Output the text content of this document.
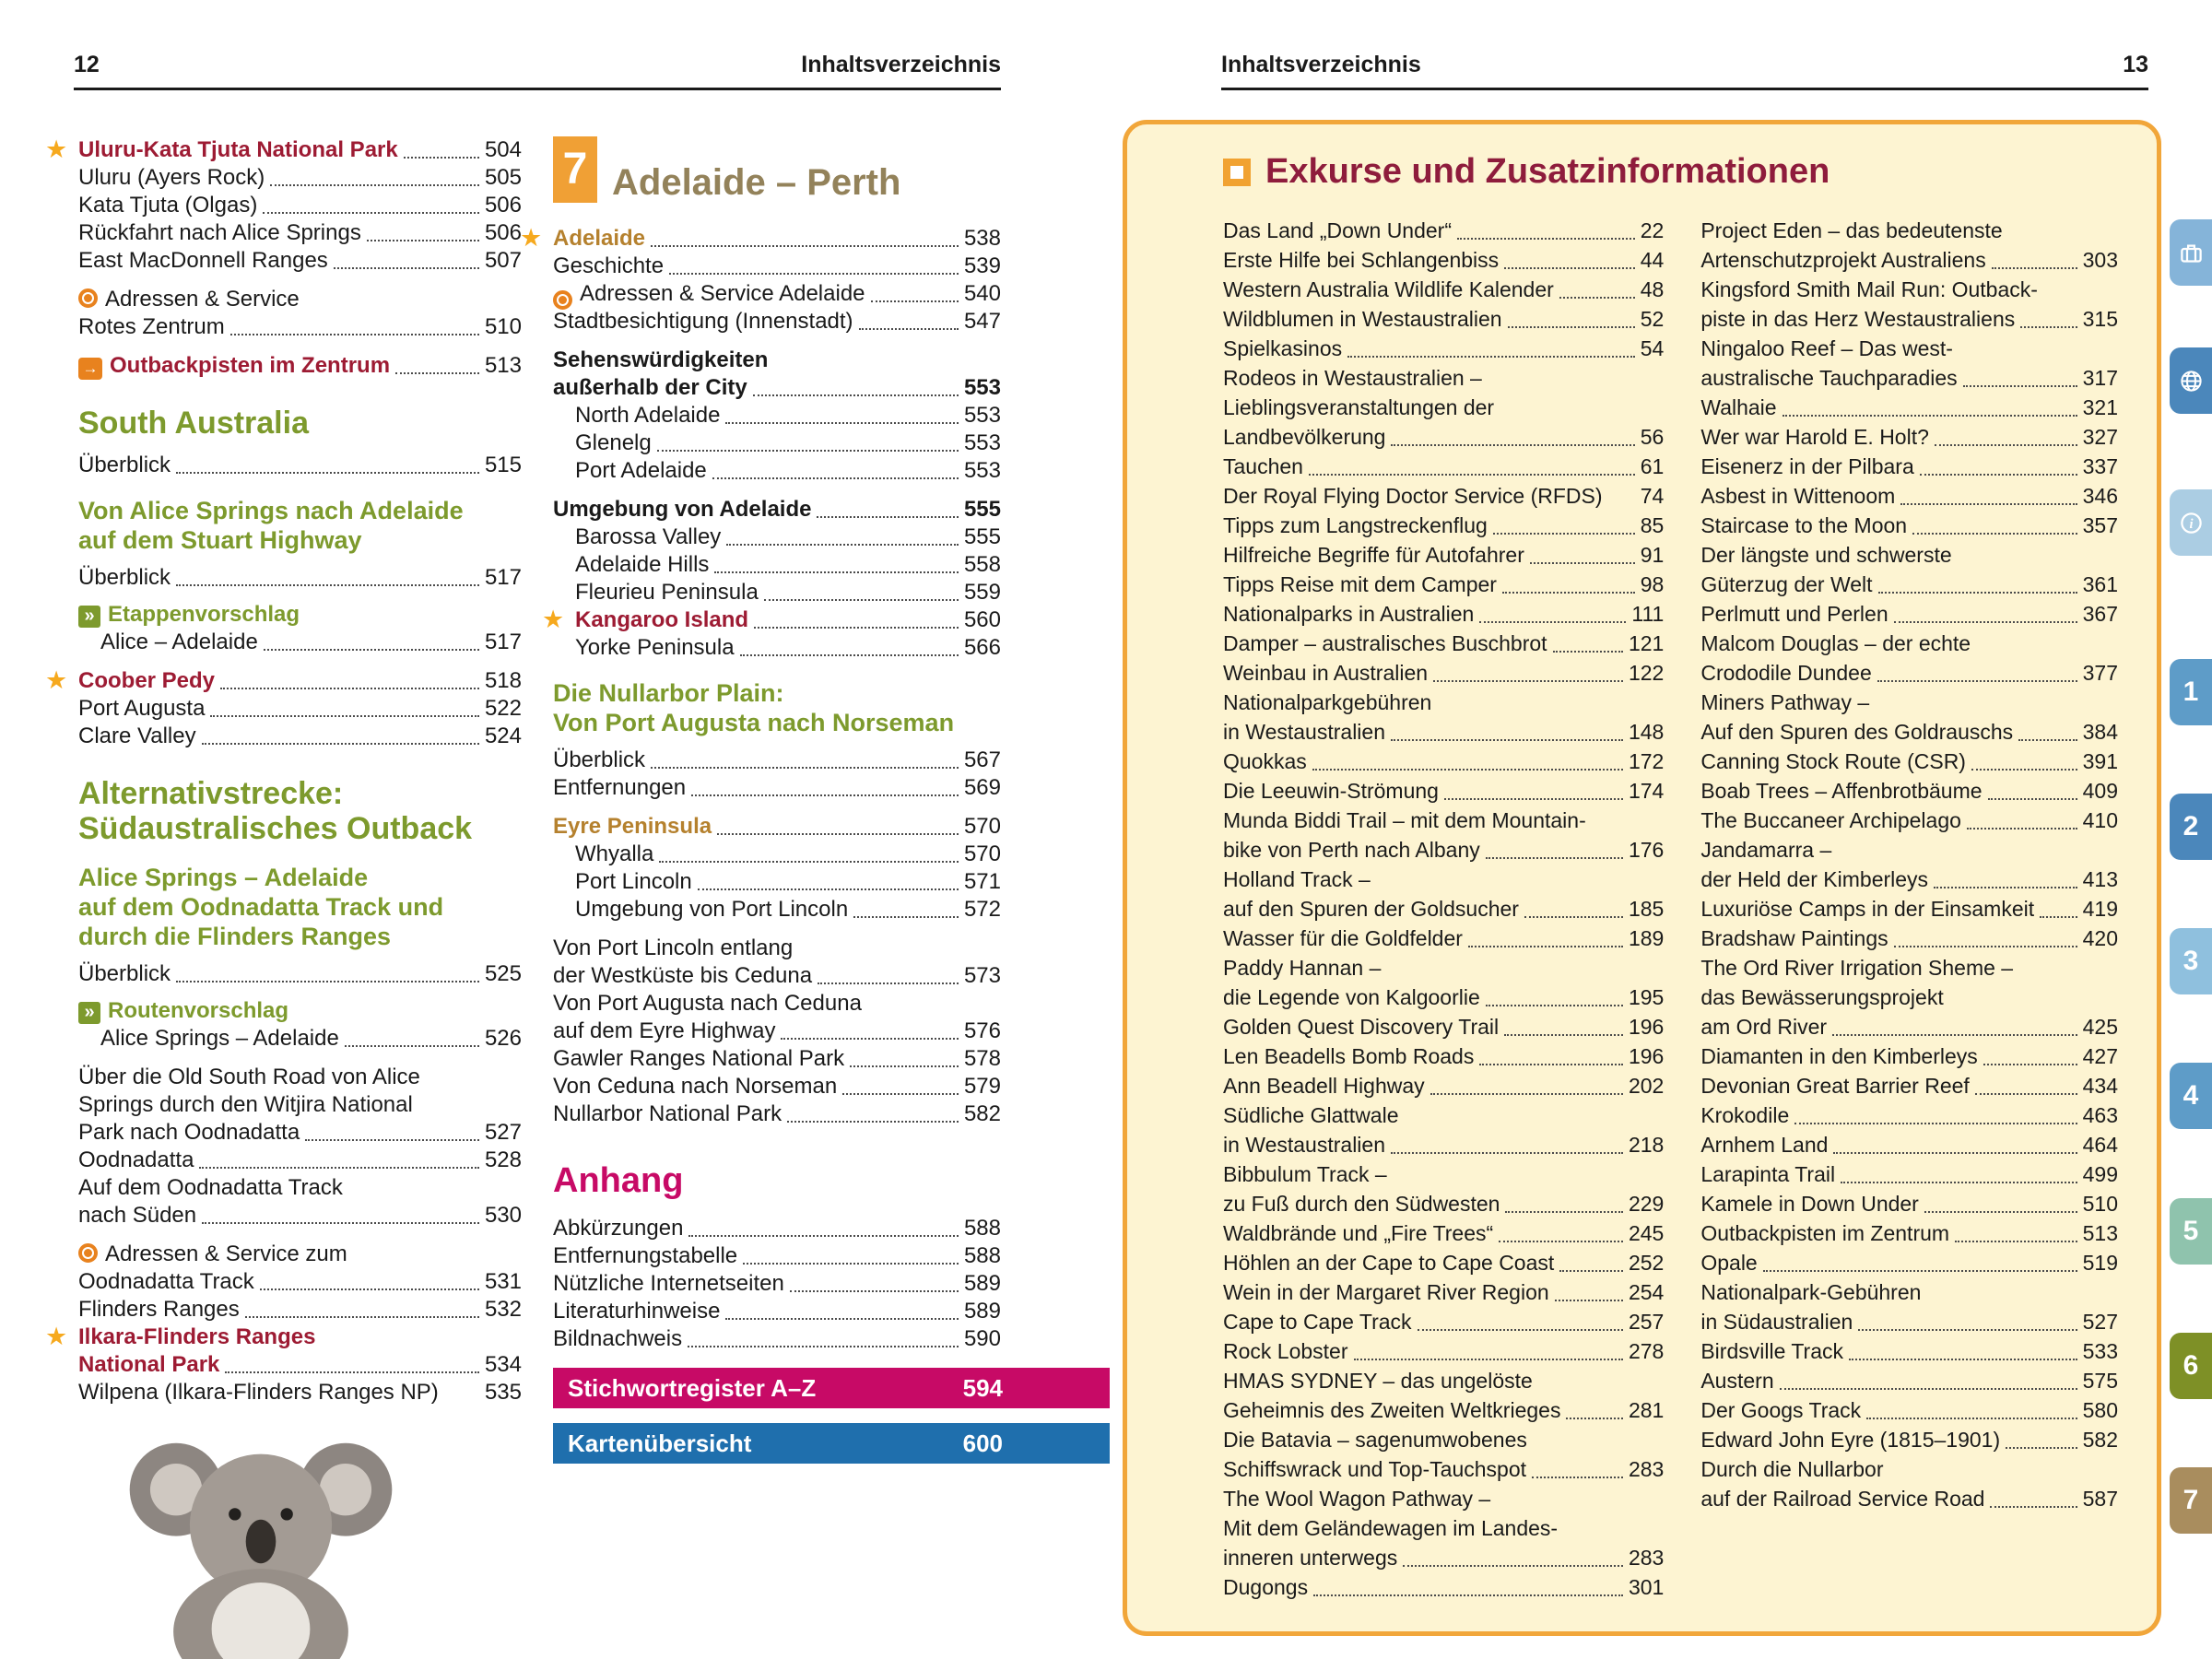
12	Inhaltsverzeichnis	Inhaltsverzeichnis	13
★ Uluru-Kata Tjuta National Park	504
Uluru (Ayers Rock)	505
Kata Tjuta (Olgas)	506
Rückfahrt nach Alice Springs	506
East MacDonnell Ranges	507
Adressen & Service
Rotes Zentrum	510
→ Outbackpisten im Zentrum	513
South Australia
Überblick	515
Von Alice Springs nach Adelaide
auf dem Stuart Highway
Überblick	517
» Etappenvorschlag
Alice – Adelaide	517
★ Coober Pedy	518
Port Augusta	522
Clare Valley	524
Alternativstrecke:
Südaustralisches Outback
Alice Springs – Adelaide
auf dem Oodnadatta Track und
durch die Flinders Ranges
Überblick	525
» Routenvorschlag
Alice Springs – Adelaide	526
Über die Old South Road von Alice
Springs durch den Witjira National
Park nach Oodnadatta	527
Oodnadatta	528
Auf dem Oodnadatta Track
nach Süden	530
Adressen & Service zum
Oodnadatta Track	531
Flinders Ranges	532
★ Ilkara-Flinders Ranges
National Park	534
Wilpena (Ilkara-Flinders Ranges NP) 535
7 Adelaide – Perth
★ Adelaide	538
Geschichte	539
Adressen & Service Adelaide	540
Stadtbesichtigung (Innenstadt)	547
Sehenswürdigkeiten
außerhalb der City	553
North Adelaide	553
Glenelg	553
Port Adelaide	553
Umgebung von Adelaide	555
Barossa Valley	555
Adelaide Hills	558
Fleurieu Peninsula	559
★ Kangaroo Island	560
Yorke Peninsula	566
Die Nullarbor Plain:
Von Port Augusta nach Norseman
Überblick	567
Entfernungen	569
Eyre Peninsula	570
Whyalla	570
Port Lincoln	571
Umgebung von Port Lincoln	572
Von Port Lincoln entlang
der Westküste bis Ceduna	573
Von Port Augusta nach Ceduna
auf dem Eyre Highway	576
Gawler Ranges National Park	578
Von Ceduna nach Norseman	579
Nullarbor National Park	582
Anhang
Abkürzungen	588
Entfernungstabelle	588
Nützliche Internetseiten	589
Literaturhinweise	589
Bildnachweis	590
Stichwortregister A–Z	594
Kartenübersicht	600
Exkurse und Zusatzinformationen
Das Land „Down Under“	22
Erste Hilfe bei Schlangenbiss	44
Western Australia Wildlife Kalender	48
Wildblumen in Westaustralien	52
Spielkasinos	54
Rodeos in Westaustralien –
Lieblingsveranstaltungen der
Landbevölkerung	56
Tauchen	61
Der Royal Flying Doctor Service (RFDS) 74
Tipps zum Langstreckenflug	85
Hilfreiche Begriffe für Autofahrer	91
Tipps Reise mit dem Camper	98
Nationalparks in Australien	111
Damper – australisches Buschbrot	121
Weinbau in Australien	122
Nationalparkgebühren
in Westaustralien	148
Quokkas	172
Die Leeuwin-Strömung	174
Munda Biddi Trail – mit dem Mountain-
bike von Perth nach Albany	176
Holland Track –
auf den Spuren der Goldsucher	185
Wasser für die Goldfelder	189
Paddy Hannan –
die Legende von Kalgoorlie	195
Golden Quest Discovery Trail	196
Len Beadells Bomb Roads	196
Ann Beadell Highway	202
Südliche Glattwale
in Westaustralien	218
Bibbulum Track –
zu Fuß durch den Südwesten	229
Waldbrände und „Fire Trees“	245
Höhlen an der Cape to Cape Coast	252
Wein in der Margaret River Region	254
Cape to Cape Track	257
Rock Lobster	278
HMAS SYDNEY – das ungelöste
Geheimnis des Zweiten Weltkrieges	281
Die Batavia – sagenumwobenes
Schiffswrack und Top-Tauchspot	283
The Wool Wagon Pathway –
Mit dem Geländewagen im Landes-
inneren unterwegs	283
Dugongs	301
Project Eden – das bedeutenste
Artenschutzprojekt Australiens	303
Kingsford Smith Mail Run: Outback-
piste in das Herz Westaustraliens	315
Ningaloo Reef – Das west-
australische Tauchparadies	317
Walhaie	321
Wer war Harold E. Holt?	327
Eisenerz in der Pilbara	337
Asbest in Wittenoom	346
Staircase to the Moon	357
Der längste und schwerste
Güterzug der Welt	361
Perlmutt und Perlen	367
Malcom Douglas – der echte
Crododile Dundee	377
Miners Pathway –
Auf den Spuren des Goldrauschs	384
Canning Stock Route (CSR)	391
Boab Trees – Affenbrotbäume	409
The Buccaneer Archipelago	410
Jandamarra –
der Held der Kimberleys	413
Luxuriöse Camps in der Einsamkeit 419
Bradshaw Paintings	420
The Ord River Irrigation Sheme –
das Bewässerungsprojekt
am Ord River	425
Diamanten in den Kimberleys	427
Devonian Great Barrier Reef	434
Krokodile	463
Arnhem Land	464
Larapinta Trail	499
Kamele in Down Under	510
Outbackpisten im Zentrum	513
Opale	519
Nationalpark-Gebühren
in Südaustralien	527
Birdsville Track	533
Austern	575
Der Googs Track	580
Edward John Eyre (1815–1901)	582
Durch die Nullarbor
auf der Railroad Service Road	587
i
1
2
3
4
5
6
7
